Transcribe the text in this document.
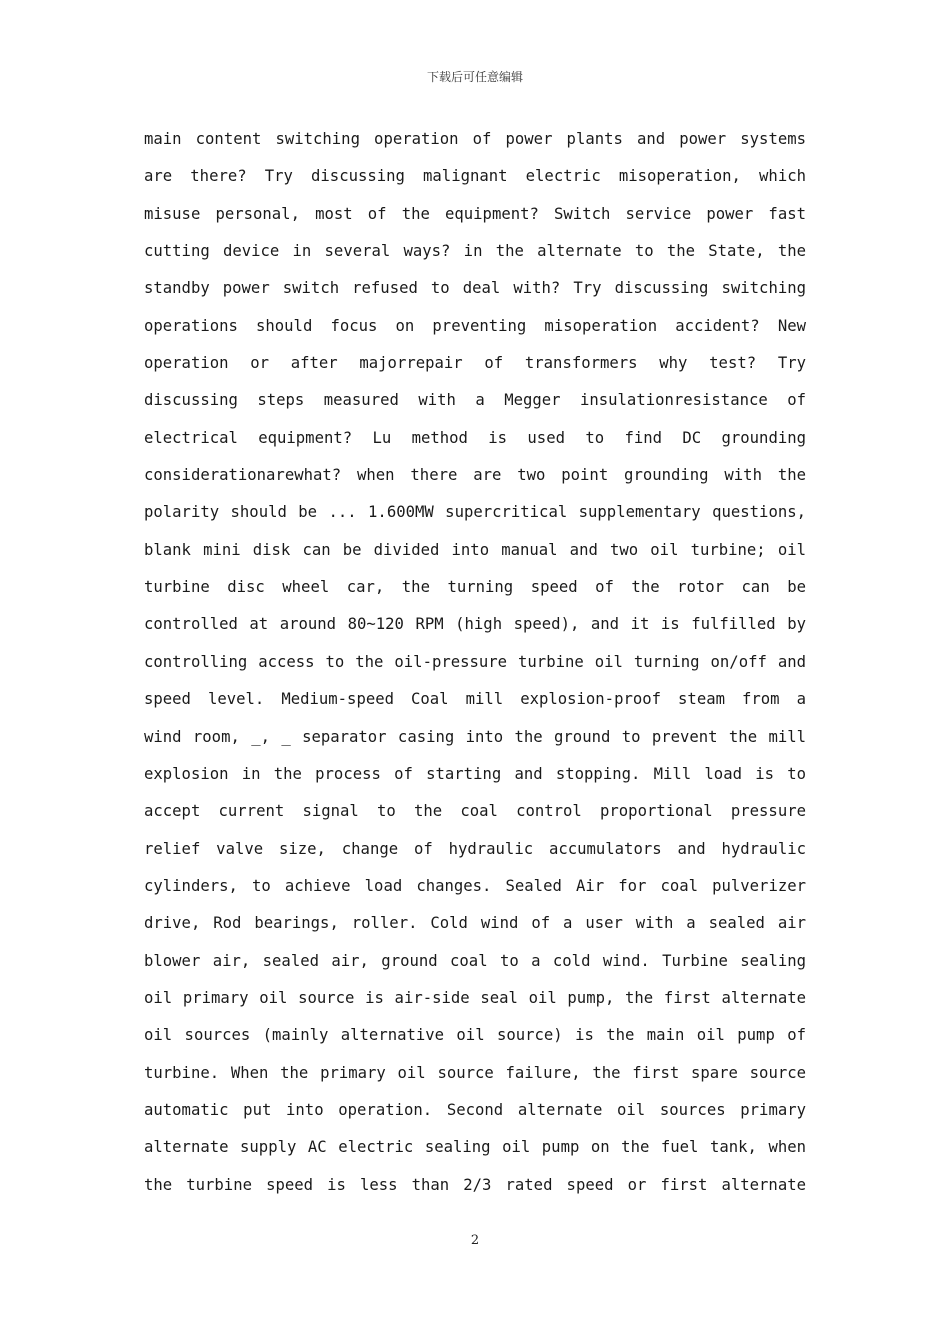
下载后可任意编辑
main content switching operation of power plants and power systems
are there? Try discussing malignant electric misoperation, which
misuse personal, most of the equipment? Switch service power fast
cutting device in several ways? in the alternate to the State, the
standby power switch refused to deal with? Try discussing switching
operations should focus on preventing misoperation accident? New
operation or after majorrepair of transformers why test? Try
discussing steps measured with a Megger insulationresistance of
electrical equipment? Lu method is used to find DC grounding
considerationarewhat? when there are two point grounding with the
polarity should be ... 1.600MW supercritical supplementary questions,
blank mini disk can be divided into manual and two oil turbine; oil
turbine disc wheel car, the turning speed of the rotor can be
controlled at around 80~120 RPM (high speed), and it is fulfilled by
controlling access to the oil-pressure turbine oil turning on/off and
speed level. Medium-speed Coal mill explosion-proof steam from a
wind room, _, _ separator casing into the ground to prevent the mill
explosion in the process of starting and stopping. Mill load is to
accept current signal to the coal control proportional pressure
relief valve size, change of hydraulic accumulators and hydraulic
cylinders, to achieve load changes. Sealed Air for coal pulverizer
drive, Rod bearings, roller. Cold wind of a user with a sealed air
blower air, sealed air, ground coal to a cold wind. Turbine sealing
oil primary oil source is air-side seal oil pump, the first alternate
oil sources (mainly alternative oil source) is the main oil pump of
turbine. When the primary oil source failure, the first spare source
automatic put into operation. Second alternate oil sources primary
alternate supply AC electric sealing oil pump on the fuel tank, when
the turbine speed is less than 2/3 rated speed or first alternate
2
